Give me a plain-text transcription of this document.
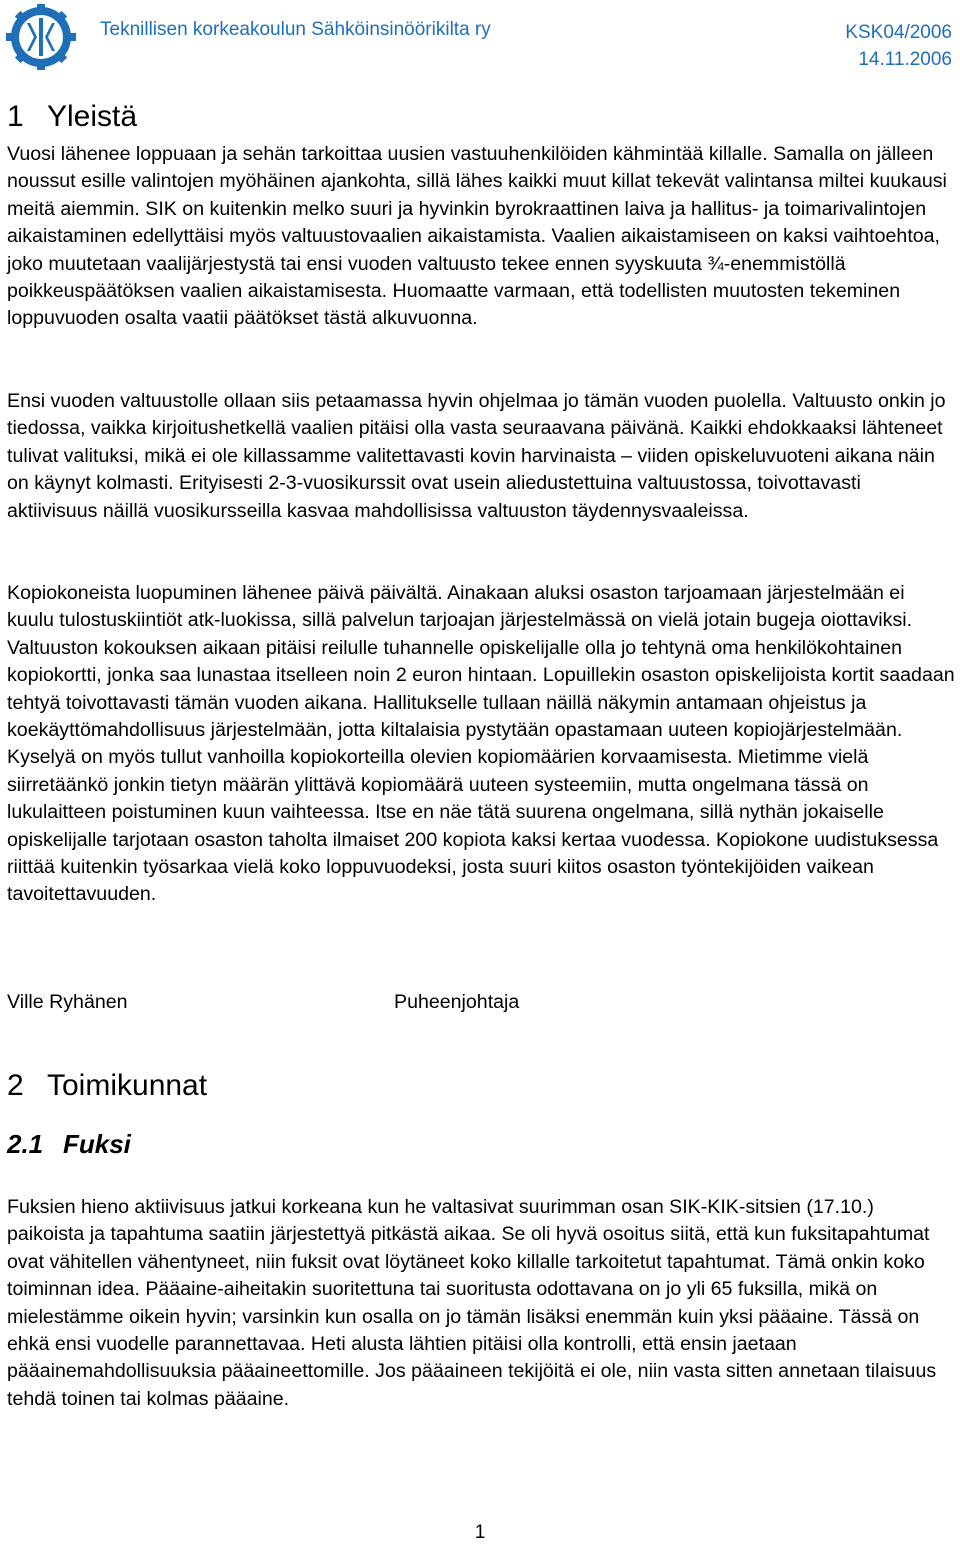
Teknillisen korkeakoulun Sähköinsinöörikilta ry	KSK04/2006
14.11.2006
1 Yleistä

Vuosi lähenee loppuaan ja sehän tarkoittaa uusien vastuuhenkilöiden kähmintää killalle. Samalla on jälleen noussut esille valintojen myöhäinen ajankohta, sillä lähes kaikki muut killat tekevät valintansa miltei kuukausi meitä aiemmin. SIK on kuitenkin melko suuri ja hyvinkin byrokraattinen laiva ja hallitus- ja toimarivalintojen aikaistaminen edellyttäisi myös valtuustovaalien aikaistamista. Vaalien aikaistamiseen on kaksi vaihtoehtoa, joko muutetaan vaalijärjestystä tai ensi vuoden valtuusto tekee ennen syyskuuta ¾-enemmistöllä poikkeuspäätöksen vaalien aikaistamisesta. Huomaatte varmaan, että todellisten muutosten tekeminen loppuvuoden osalta vaatii päätökset tästä alkuvuonna.

Ensi vuoden valtuustolle ollaan siis petaamassa hyvin ohjelmaa jo tämän vuoden puolella. Valtuusto onkin jo tiedossa, vaikka kirjoitushetkellä vaalien pitäisi olla vasta seuraavana päivänä. Kaikki ehdokkaaksi lähteneet tulivat valituksi, mikä ei ole killassamme valitettavasti kovin harvinaista – viiden opiskeluvuoteni aikana näin on käynyt kolmasti. Erityisesti 2-3-vuosikurssit ovat usein aliedustettuina valtuustossa, toivottavasti aktiivisuus näillä vuosikursseilla kasvaa mahdollisissa valtuuston täydennysvaaleissa.

Kopiokoneista luopuminen lähenee päivä päivältä. Ainakaan aluksi osaston tarjoamaan järjestelmään ei kuulu tulostuskiintiöt atk-luokissa, sillä palvelun tarjoajan järjestelmässä on vielä jotain bugeja oiottaviksi. Valtuuston kokouksen aikaan pitäisi reilulle tuhannelle opiskelijalle olla jo tehtynä oma henkilökohtainen kopiokortti, jonka saa lunastaa itselleen noin 2 euron hintaan. Lopuillekin osaston opiskelijoista kortit saadaan tehtyä toivottavasti tämän vuoden aikana. Hallitukselle tullaan näillä näkymin antamaan ohjeistus ja koekäyttömahdollisuus järjestelmään, jotta kiltalaisia pystytään opastamaan uuteen kopiojärjestelmään. Kyselyä on myös tullut vanhoilla kopiokorteilla olevien kopiomäärien korvaamisesta. Mietimme vielä siirretäänkö jonkin tietyn määrän ylittävä kopiomäärä uuteen systeemiin, mutta ongelmana tässä on lukulaitteen poistuminen kuun vaihteessa. Itse en näe tätä suurena ongelmana, sillä nythän jokaiselle opiskelijalle tarjotaan osaston taholta ilmaiset 200 kopiota kaksi kertaa vuodessa. Kopiokone uudistuksessa riittää kuitenkin työsarkaa vielä koko loppuvuodeksi, josta suuri kiitos osaston työntekijöiden vaikean tavoitettavuuden.

Ville Ryhänen	Puheenjohtaja
2 Toimikunnat
2.1 Fuksi

Fuksien hieno aktiivisuus jatkui korkeana kun he valtasivat suurimman osan SIK-KIK-sitsien (17.10.) paikoista ja tapahtuma saatiin järjestettyä pitkästä aikaa. Se oli hyvä osoitus siitä, että kun fuksitapahtumat ovat vähitellen vähentyneet, niin fuksit ovat löytäneet koko killalle tarkoitetut tapahtumat. Tämä onkin koko toiminnan idea. Pääaine-aiheitakin suoritettuna tai suoritusta odottavana on jo yli 65 fuksilla, mikä on mielestämme oikein hyvin; varsinkin kun osalla on jo tämän lisäksi enemmän kuin yksi pääaine. Tässä on ehkä ensi vuodelle parannettavaa. Heti alusta lähtien pitäisi olla kontrolli, että ensin jaetaan pääainemahdollisuuksia pääaineettomille. Jos pääaineen tekijöitä ei ole, niin vasta sitten annetaan tilaisuus tehdä toinen tai kolmas pääaine.

1
